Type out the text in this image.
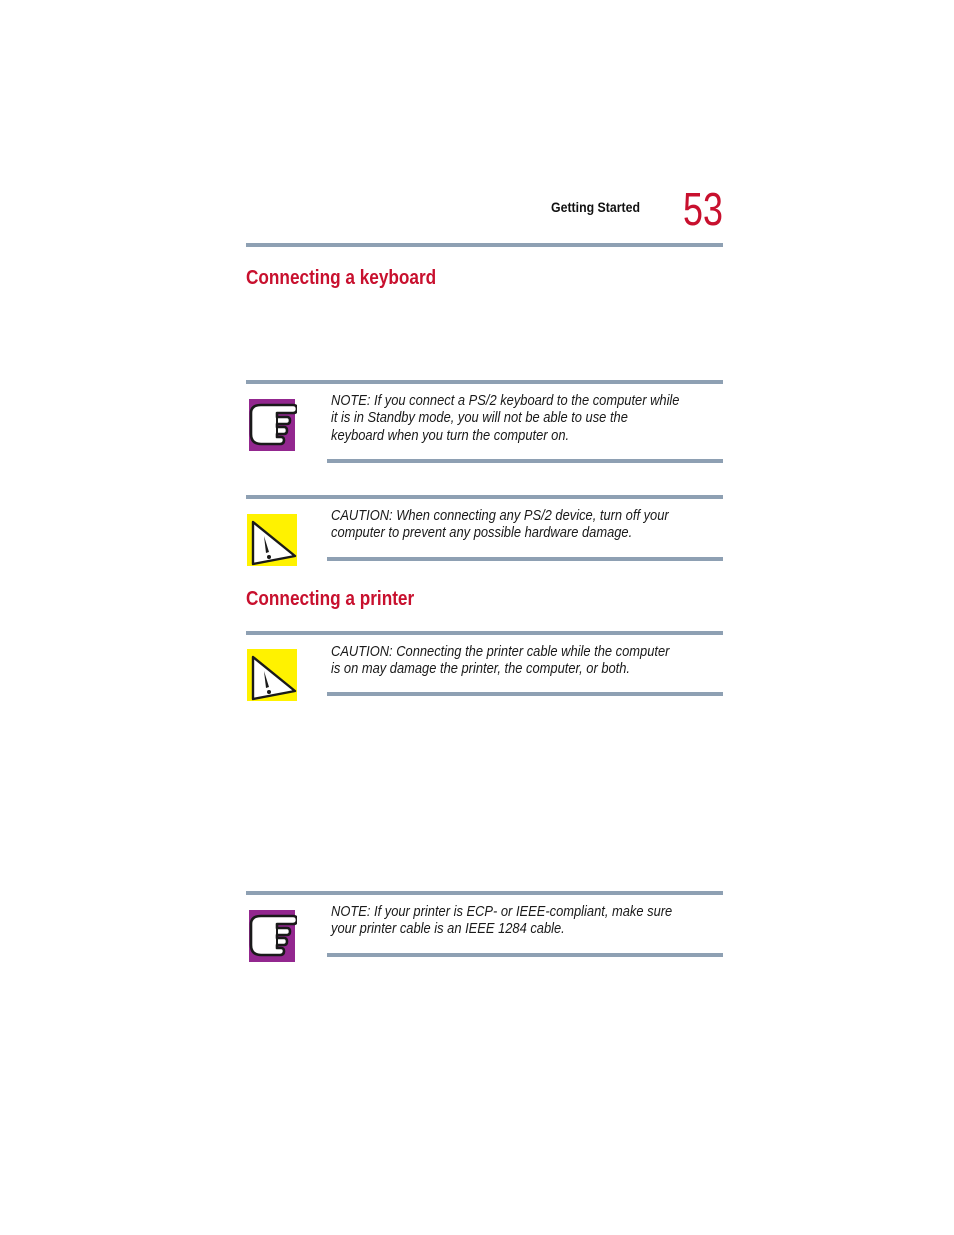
Getting Started 53
Connecting a keyboard
NOTE: If you connect a PS/2 keyboard to the computer while
it is in Standby mode, you will not be able to use the
keyboard when you turn the computer on.
CAUTION: When connecting any PS/2 device, turn off your
computer to prevent any possible hardware damage.
Connecting a printer
CAUTION: Connecting the printer cable while the computer
is on may damage the printer, the computer, or both.
NOTE: If your printer is ECP- or IEEE-compliant, make sure
your printer cable is an IEEE 1284 cable.
